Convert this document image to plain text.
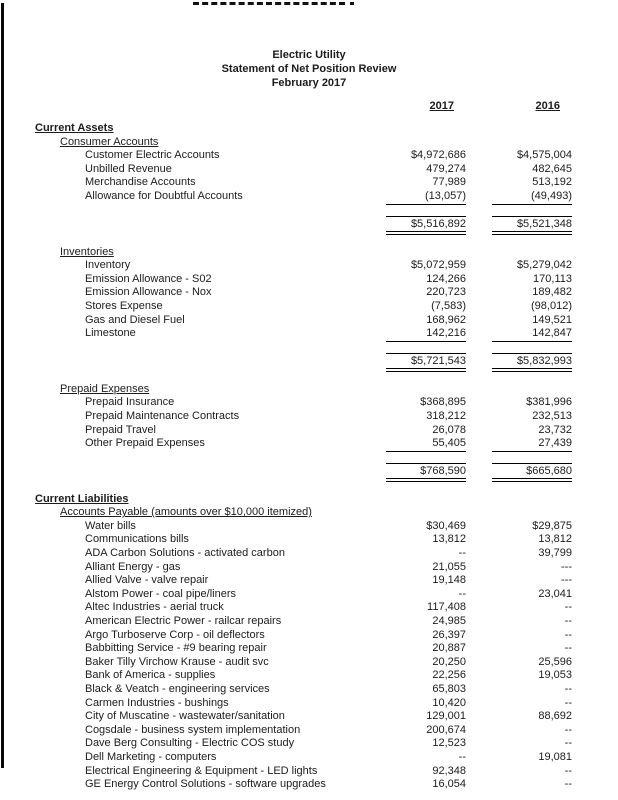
Electric Utility
Statement of Net Position Review
February 2017
2017	2016
Current Assets
Consumer Accounts
Customer Electric Accounts	$4,972,686	$4,575,004
Unbilled Revenue	479,274	482,645
Merchandise Accounts	77,989	513,192
Allowance for Doubtful Accounts	(13,057)	(49,493)
$5,516,892	$5,521,348
Inventories
Inventory	$5,072,959	$5,279,042
Emission Allowance - S02	124,266	170,113
Emission Allowance - Nox	220,723	189,482
Stores Expense	(7,583)	(98,012)
Gas and Diesel Fuel	168,962	149,521
Limestone	142,216	142,847
$5,721,543	$5,832,993
Prepaid Expenses
Prepaid Insurance	$368,895	$381,996
Prepaid Maintenance Contracts	318,212	232,513
Prepaid Travel	26,078	23,732
Other Prepaid Expenses	55,405	27,439
$768,590	$665,680
Current Liabilities
Accounts Payable (amounts over $10,000 itemized)
Water bills	$30,469	$29,875
Communications bills	13,812	13,812
ADA Carbon Solutions - activated carbon	--	39,799
Alliant Energy - gas	21,055	---
Allied Valve - valve repair	19,148	---
Alstom Power - coal pipe/liners	--	23,041
Altec Industries - aerial truck	117,408	--
American Electric Power - railcar repairs	24,985	--
Argo Turboserve Corp - oil deflectors	26,397	--
Babbitting Service - #9 bearing repair	20,887	--
Baker Tilly Virchow Krause - audit svc	20,250	25,596
Bank of America - supplies	22,256	19,053
Black & Veatch - engineering services	65,803	--
Carmen Industries - bushings	10,420	--
City of Muscatine - wastewater/sanitation	129,001	88,692
Cogsdale - business system implementation	200,674	--
Dave Berg Consulting - Electric COS study	12,523	--
Dell Marketing - computers	--	19,081
Electrical Engineering & Equipment - LED lights	92,348	--
GE Energy Control Solutions - software upgrades	16,054	--
